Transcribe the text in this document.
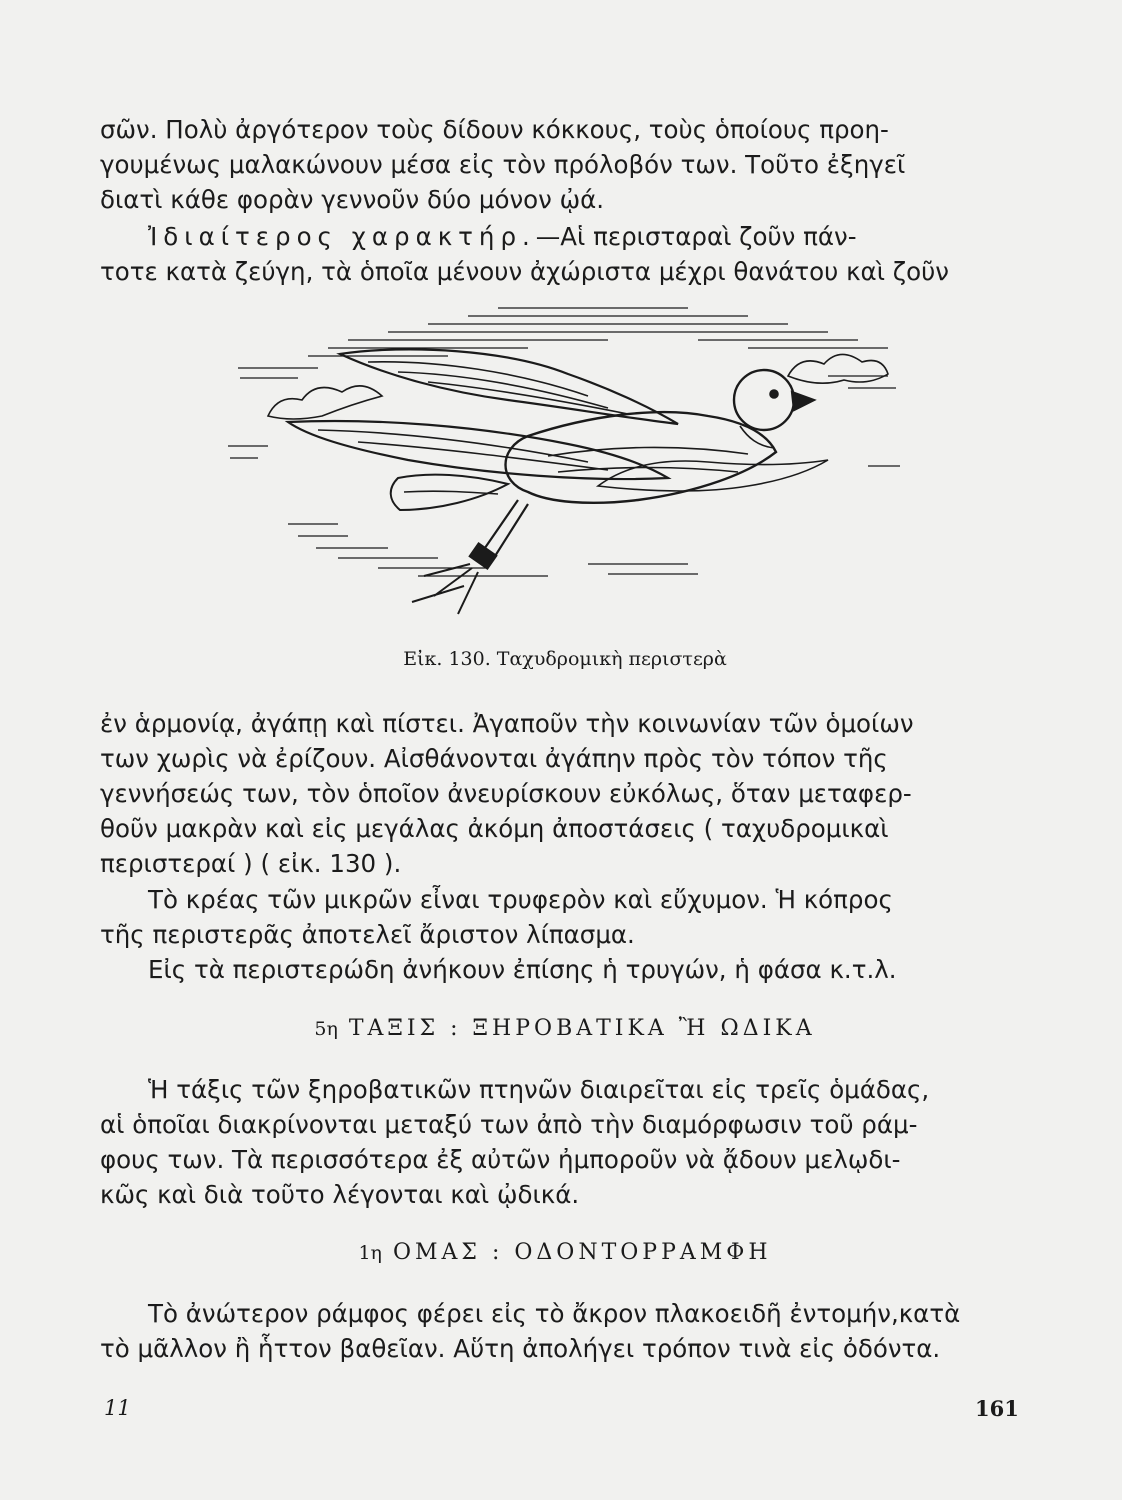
σῶν. Πολὺ ἀργότερον τοὺς δίδουν κόκκους, τοὺς ὁποίους προη-
γουμένως μαλακώνουν μέσα εἰς τὸν πρόλοβόν των. Τοῦτο ἐξηγεῖ
διατὶ κάθε φορὰν γεννοῦν δύο μόνον ᾠά.
Ἰδιαίτερος χαρακτήρ.—Αἱ περισταραὶ ζοῦν πάν-
τοτε κατὰ ζεύγη, τὰ ὁποῖα μένουν ἀχώριστα μέχρι θανάτου καὶ ζοῦν
Εἰκ. 130. Ταχυδρομικὴ περιστερὰ
ἐν ἁρμονίᾳ, ἀγάπῃ καὶ πίστει. Ἀγαποῦν τὴν κοινωνίαν τῶν ὁμοίων
των χωρὶς νὰ ἐρίζουν. Αἰσθάνονται ἀγάπην πρὸς τὸν τόπον τῆς
γεννήσεώς των, τὸν ὁποῖον ἀνευρίσκουν εὐκόλως, ὅταν μεταφερ-
θοῦν μακρὰν καὶ εἰς μεγάλας ἀκόμη ἀποστάσεις ( ταχυδρομικαὶ
περιστεραί ) ( εἰκ. 130 ).
Τὸ κρέας τῶν μικρῶν εἶναι τρυφερὸν καὶ εὔχυμον. Ἡ κόπρος
τῆς περιστερᾶς ἀποτελεῖ ἄριστον λίπασμα.
Εἰς τὰ περιστερώδη ἀνήκουν ἐπίσης ἡ τρυγών, ἡ φάσα κ.τ.λ.
5η ΤΑΞΙΣ : ΞΗΡΟΒΑΤΙΚΑ Ἢ ΩΔΙΚΑ
Ἡ τάξις τῶν ξηροβατικῶν πτηνῶν διαιρεῖται εἰς τρεῖς ὁμάδας,
αἱ ὁποῖαι διακρίνονται μεταξύ των ἀπὸ τὴν διαμόρφωσιν τοῦ ράμ-
φους των. Τὰ περισσότερα ἐξ αὐτῶν ἠμποροῦν νὰ ᾄδουν μελῳδι-
κῶς καὶ διὰ τοῦτο λέγονται καὶ ᾠδικά.
1η ΟΜΑΣ : ΟΔΟΝΤΟΡΡΑΜΦΗ
Τὸ ἀνώτερον ράμφος φέρει εἰς τὸ ἄκρον πλακοειδῆ ἐντομήν,κατὰ
τὸ μᾶλλον ἢ ἧττον βαθεῖαν. Αὕτη ἀπολήγει τρόπον τινὰ εἰς ὀδόντα.
11	161
